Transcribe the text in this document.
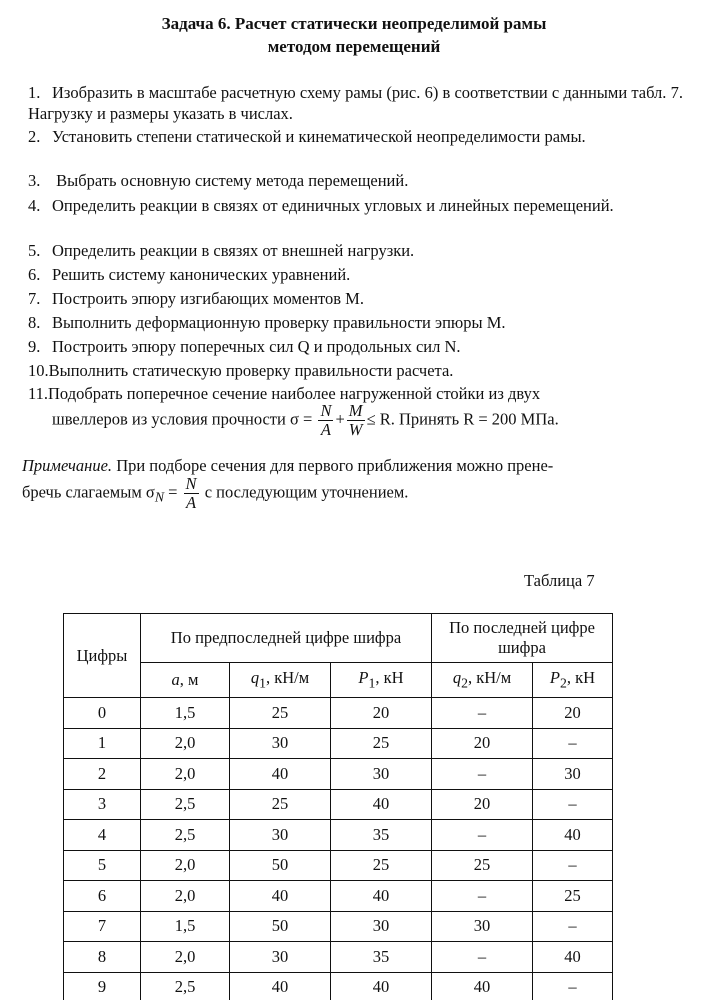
Задача 6. Расчет статически неопределимой рамы
методом перемещений
1. Изобразить в масштабе расчетную схему рамы (рис. 6) в соответствии с данными табл. 7. Нагрузку и размеры указать в числах.
2. Установить степени статической и кинематической неопределимости рамы.
3. Выбрать основную систему метода перемещений.
4. Определить реакции в связях от единичных угловых и линейных перемещений.
5. Определить реакции в связях от внешней нагрузки.
6. Решить систему канонических уравнений.
7. Построить эпюру изгибающих моментов M.
8. Выполнить деформационную проверку правильности эпюры M.
9. Построить эпюру поперечных сил Q и продольных сил N.
10.Выполнить статическую проверку правильности расчета.
11.Подобрать поперечное сечение наиболее нагруженной стойки из двух
швеллеров из условия прочности $\sigma = \frac{N}{A} + \frac{M}{W} \le R$. Принять R = 200 МПа.
Примечание. При подборе сечения для первого приближения можно прене-
бречь слагаемым $\sigma_N = \frac{N}{A}$ с последующим уточнением.
Таблица 7
Цифры	По предпоследней цифре шифра			По последней цифре шифра	
	a, м	$q_1$, кН/м	$P_1$, кН	$q_2$, кН/м	$P_2$, кН
0	1,5	25	20	–	20
1	2,0	30	25	20	–
2	2,0	40	30	–	30
3	2,5	25	40	20	–
4	2,5	30	35	–	40
5	2,0	50	25	25	–
6	2,0	40	40	–	25
7	1,5	50	30	30	–
8	2,0	30	35	–	40
9	2,5	40	40	40	–
